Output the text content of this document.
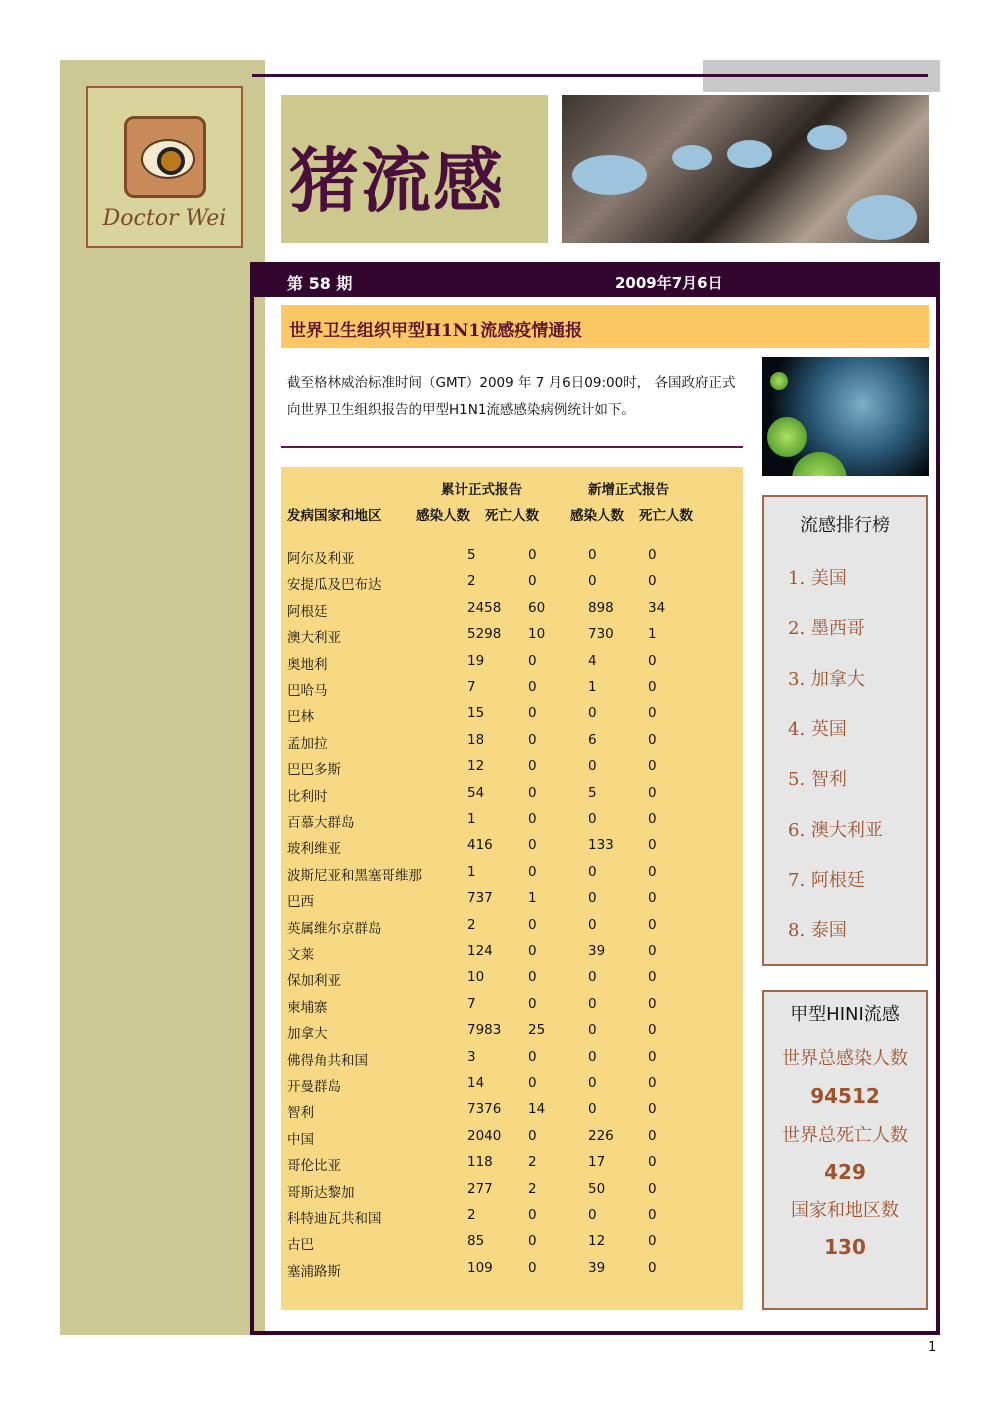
Doctor Wei 猪流感
第 58 期	2009年7月6日
世界卫生组织甲型H1N1流感疫情通报
截至格林威治标准时间（GMT）2009 年 7 月6日09:00时， 各国政府正式向世界卫生组织报告的甲型H1N1流感感染病例统计如下。
累计正式报告	新增正式报告
发病国家和地区	感染人数 死亡人数 感染人数 死亡人数
阿尔及利亚	5	0	0	0
安提瓜及巴布达	2	0	0	0
阿根廷	2458 60	898	34
澳大利亚	5298 10	730	1
奥地利	19	0	4	0
巴哈马	7	0	1	0
巴林	15	0	0	0
孟加拉	18	0	6	0
巴巴多斯	12	0	0	0
比利时	54	0	5	0
百慕大群岛	1	0	0	0
玻利维亚	416	0	133	0
波斯尼亚和黑塞哥维那	1	0	0	0
巴西	737	1	0	0
英属维尔京群岛	2	0	0	0
文莱	124	0	39	0
保加利亚	10	0	0	0
柬埔寨	7	0	0	0
加拿大	7983 25	0	0
佛得角共和国	3	0	0	0
开曼群岛	14	0	0	0
智利	7376 14	0	0
中国	2040 0	226	0
哥伦比亚	118	2	17	0
哥斯达黎加	277	2	50	0
科特迪瓦共和国	2	0	0	0
古巴	85	0	12	0
塞浦路斯	109	0	39	0
流感排行榜
1. 美国
2. 墨西哥
3. 加拿大
4. 英国
5. 智利
6. 澳大利亚
7. 阿根廷
8. 泰国
甲型HINI流感
世界总感染人数
94512
世界总死亡人数
429
国家和地区数
130
1
